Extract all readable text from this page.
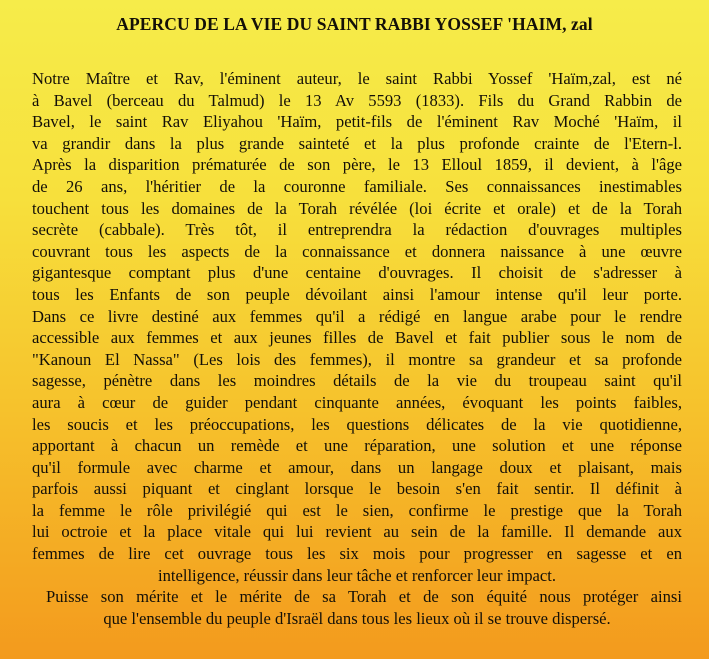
APERCU DE LA VIE DU SAINT RABBI YOSSEF 'HAIM, zal
Notre Maître et Rav, l'éminent auteur, le saint Rabbi Yossef 'Haïm,zal, est né
à Bavel (berceau du Talmud) le 13 Av 5593 (1833). Fils du Grand Rabbin de
Bavel, le saint Rav Eliyahou 'Haïm, petit-fils de l'éminent Rav Moché 'Haïm, il
va grandir dans la plus grande sainteté et la plus profonde crainte de l'Etern-l.
Après la disparition prématurée de son père, le 13 Elloul 1859, il devient, à l'âge
de 26 ans, l'héritier de la couronne familiale. Ses connaissances inestimables
touchent tous les domaines de la Torah révélée (loi écrite et orale) et de la Torah
secrète (cabbale). Très tôt, il entreprendra la rédaction d'ouvrages multiples
couvrant tous les aspects de la connaissance et donnera naissance à une œuvre
gigantesque comptant plus d'une centaine d'ouvrages. Il choisit de s'adresser à
tous les Enfants de son peuple dévoilant ainsi l'amour intense qu'il leur porte.
Dans ce livre destiné aux femmes qu'il a rédigé en langue arabe pour le rendre
accessible aux femmes et aux jeunes filles de Bavel et fait publier sous le nom de
"Kanoun El Nassa" (Les lois des femmes), il montre sa grandeur et sa profonde
sagesse, pénètre dans les moindres détails de la vie du troupeau saint qu'il
aura à cœur de guider pendant cinquante années, évoquant les points faibles,
les soucis et les préoccupations, les questions délicates de la vie quotidienne,
apportant à chacun un remède et une réparation, une solution et une réponse
qu'il formule avec charme et amour, dans un langage doux et plaisant, mais
parfois aussi piquant et cinglant lorsque le besoin s'en fait sentir. Il définit à
la femme le rôle privilégié qui est le sien, confirme le prestige que la Torah
lui octroie et la place vitale qui lui revient au sein de la famille. Il demande aux
femmes de lire cet ouvrage tous les six mois pour progresser en sagesse et en
intelligence, réussir dans leur tâche et renforcer leur impact.
Puisse son mérite et le mérite de sa Torah et de son équité nous protéger ainsi
que l'ensemble du peuple d'Israël dans tous les lieux où il se trouve dispersé.
